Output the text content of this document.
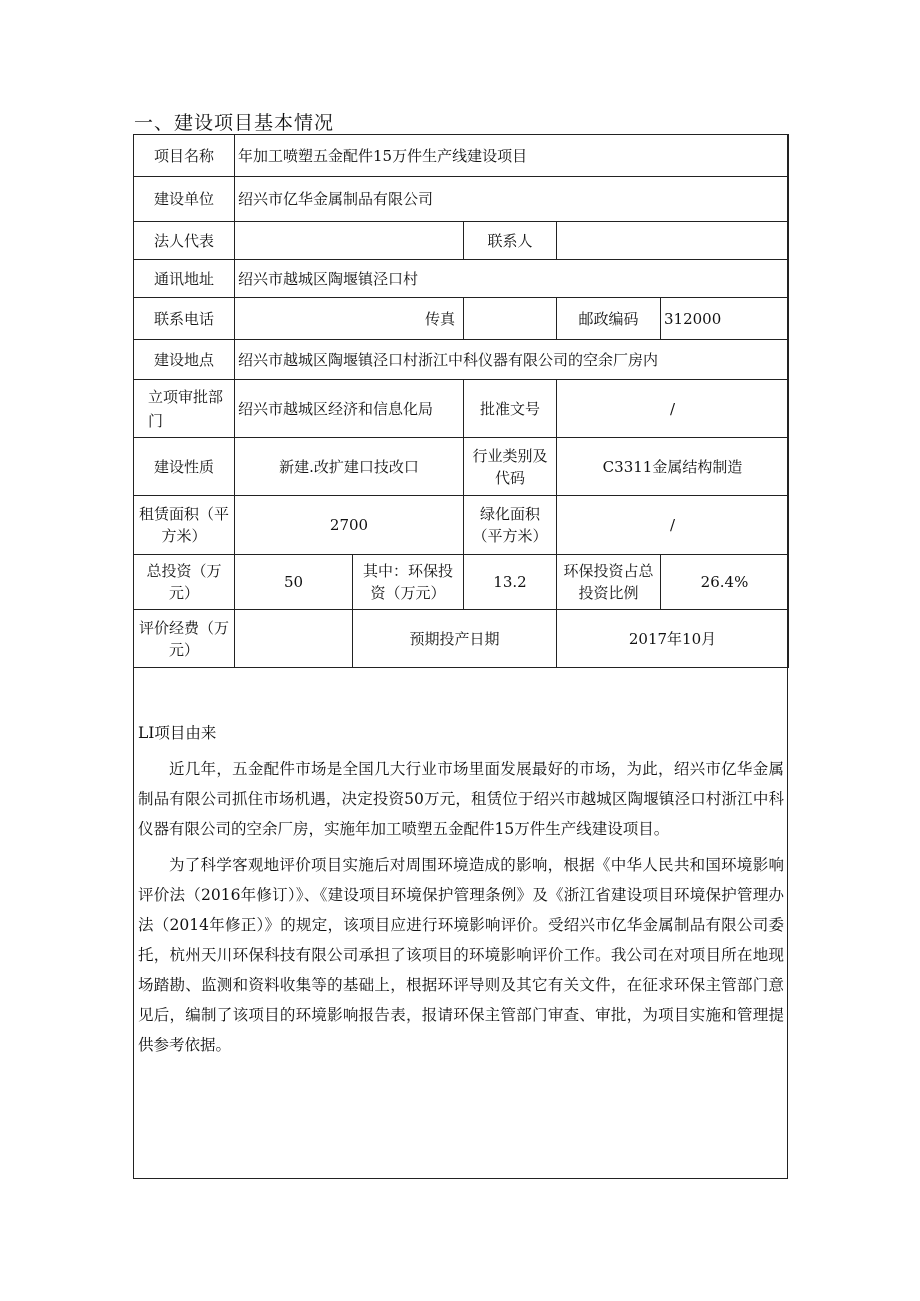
一、建设项目基本情况
项目名称	年加工喷塑五金配件15万件生产线建设项目				
建设单位	绍兴市亿华金属制品有限公司				
法人代表			联系人		
通讯地址	绍兴市越城区陶堰镇泾口村				
联系电话	传真			邮政编码	312000
建设地点	绍兴市越城区陶堰镇泾口村浙江中科仪器有限公司的空余厂房内				
立项审批部门	绍兴市越城区经济和信息化局		批准文号	/	
建设性质	新建.改扩建口技改口		行业类别及代码	C3311金属结构制造	
租赁面积（平方米）	2700		绿化面积（平方米）	/	
总投资（万元）	50	其中：环保投资（万元）	13.2	环保投资占总投资比例	26.4%
评价经费（万元）		预期投产日期		2017年10月	
LI项目由来

近几年，五金配件市场是全国几大行业市场里面发展最好的市场，为此，绍兴市亿华金属制品有限公司抓住市场机遇，决定投资50万元，租赁位于绍兴市越城区陶堰镇泾口村浙江中科仪器有限公司的空余厂房，实施年加工喷塑五金配件15万件生产线建设项目。

为了科学客观地评价项目实施后对周围环境造成的影响，根据《中华人民共和国环境影响评价法（2016年修订）》、《建设项目环境保护管理条例》及《浙江省建设项目环境保护管理办法（2014年修正）》的规定，该项目应进行环境影响评价。受绍兴市亿华金属制品有限公司委托，杭州天川环保科技有限公司承担了该项目的环境影响评价工作。我公司在对项目所在地现场踏勘、监测和资料收集等的基础上，根据环评导则及其它有关文件，在征求环保主管部门意见后，编制了该项目的环境影响报告表，报请环保主管部门审查、审批，为项目实施和管理提供参考依据。
